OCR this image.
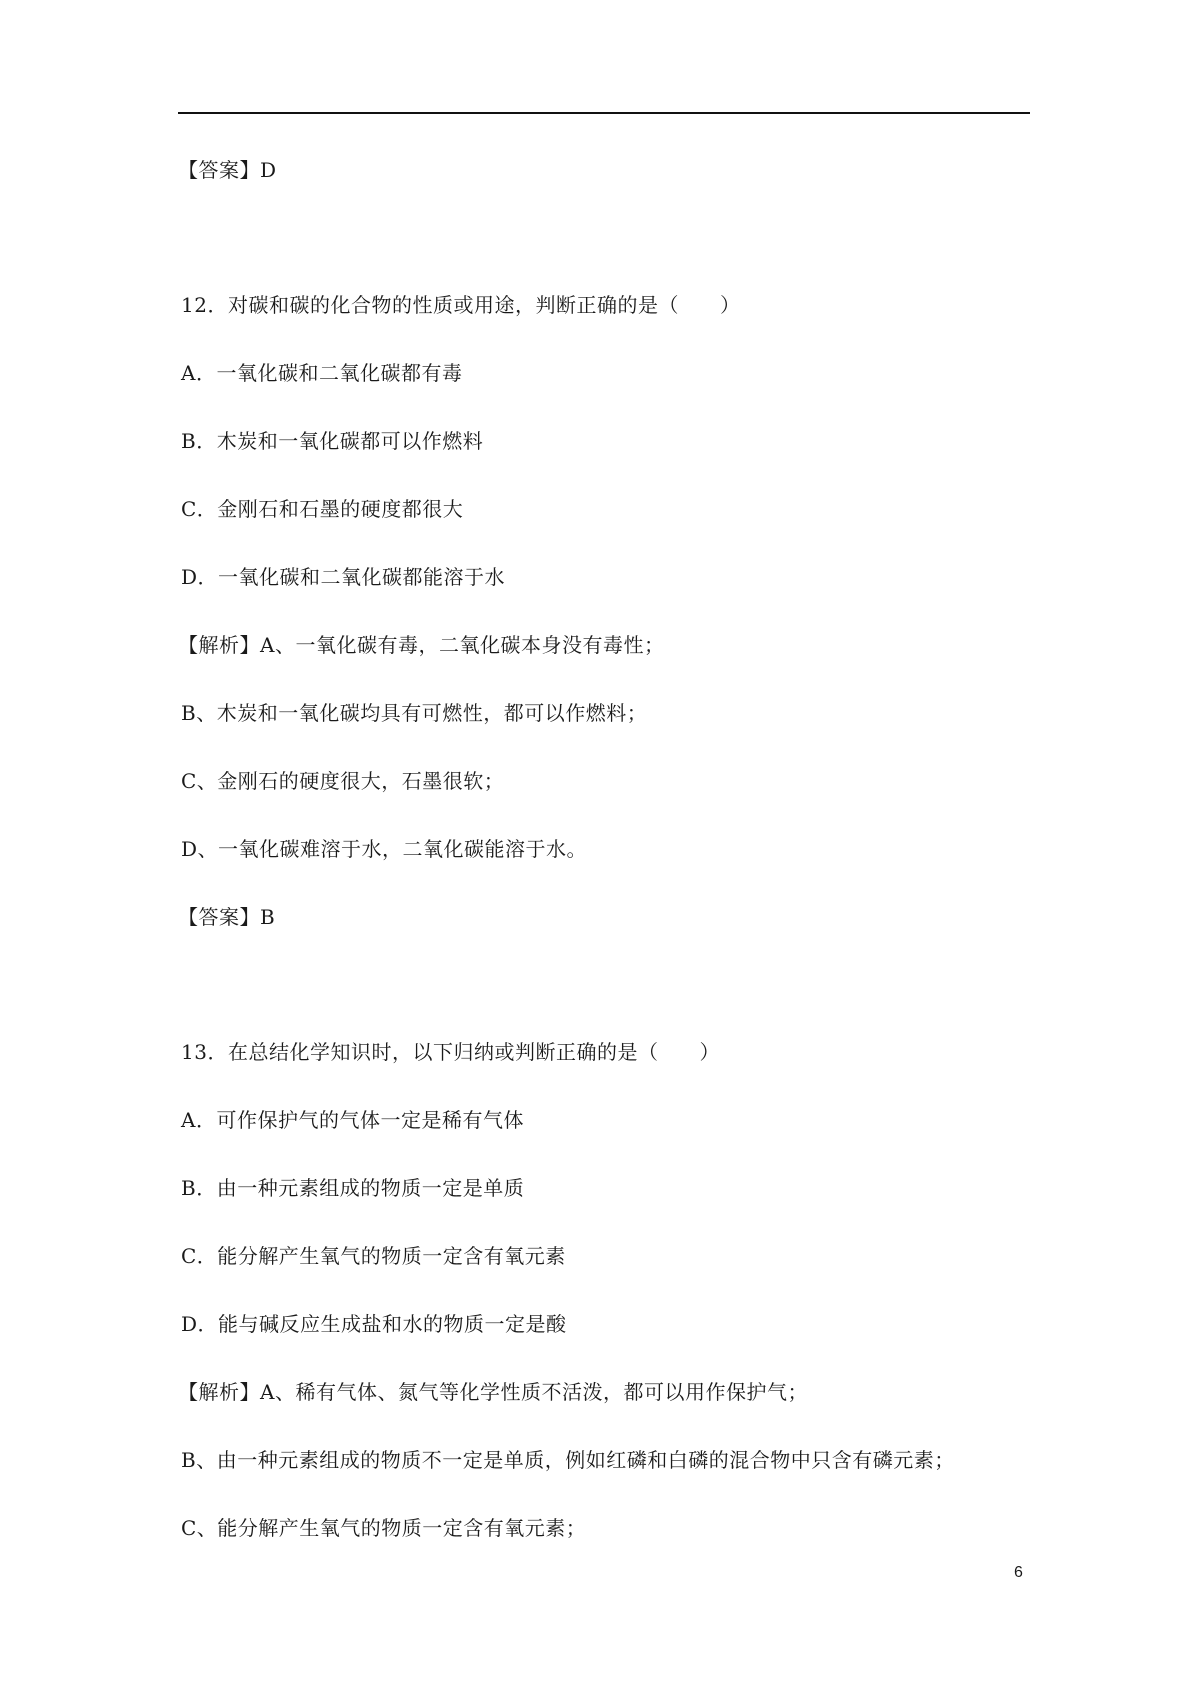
【答案】D
12．对碳和碳的化合物的性质或用途，判断正确的是（　　）
A．一氧化碳和二氧化碳都有毒
B．木炭和一氧化碳都可以作燃料
C．金刚石和石墨的硬度都很大
D．一氧化碳和二氧化碳都能溶于水
【解析】A、一氧化碳有毒，二氧化碳本身没有毒性；
B、木炭和一氧化碳均具有可燃性，都可以作燃料；
C、金刚石的硬度很大，石墨很软；
D、一氧化碳难溶于水，二氧化碳能溶于水。
【答案】B
13．在总结化学知识时，以下归纳或判断正确的是（　　）
A．可作保护气的气体一定是稀有气体
B．由一种元素组成的物质一定是单质
C．能分解产生氧气的物质一定含有氧元素
D．能与碱反应生成盐和水的物质一定是酸
【解析】A、稀有气体、氮气等化学性质不活泼，都可以用作保护气；
B、由一种元素组成的物质不一定是单质，例如红磷和白磷的混合物中只含有磷元素；
C、能分解产生氧气的物质一定含有氧元素；
6
